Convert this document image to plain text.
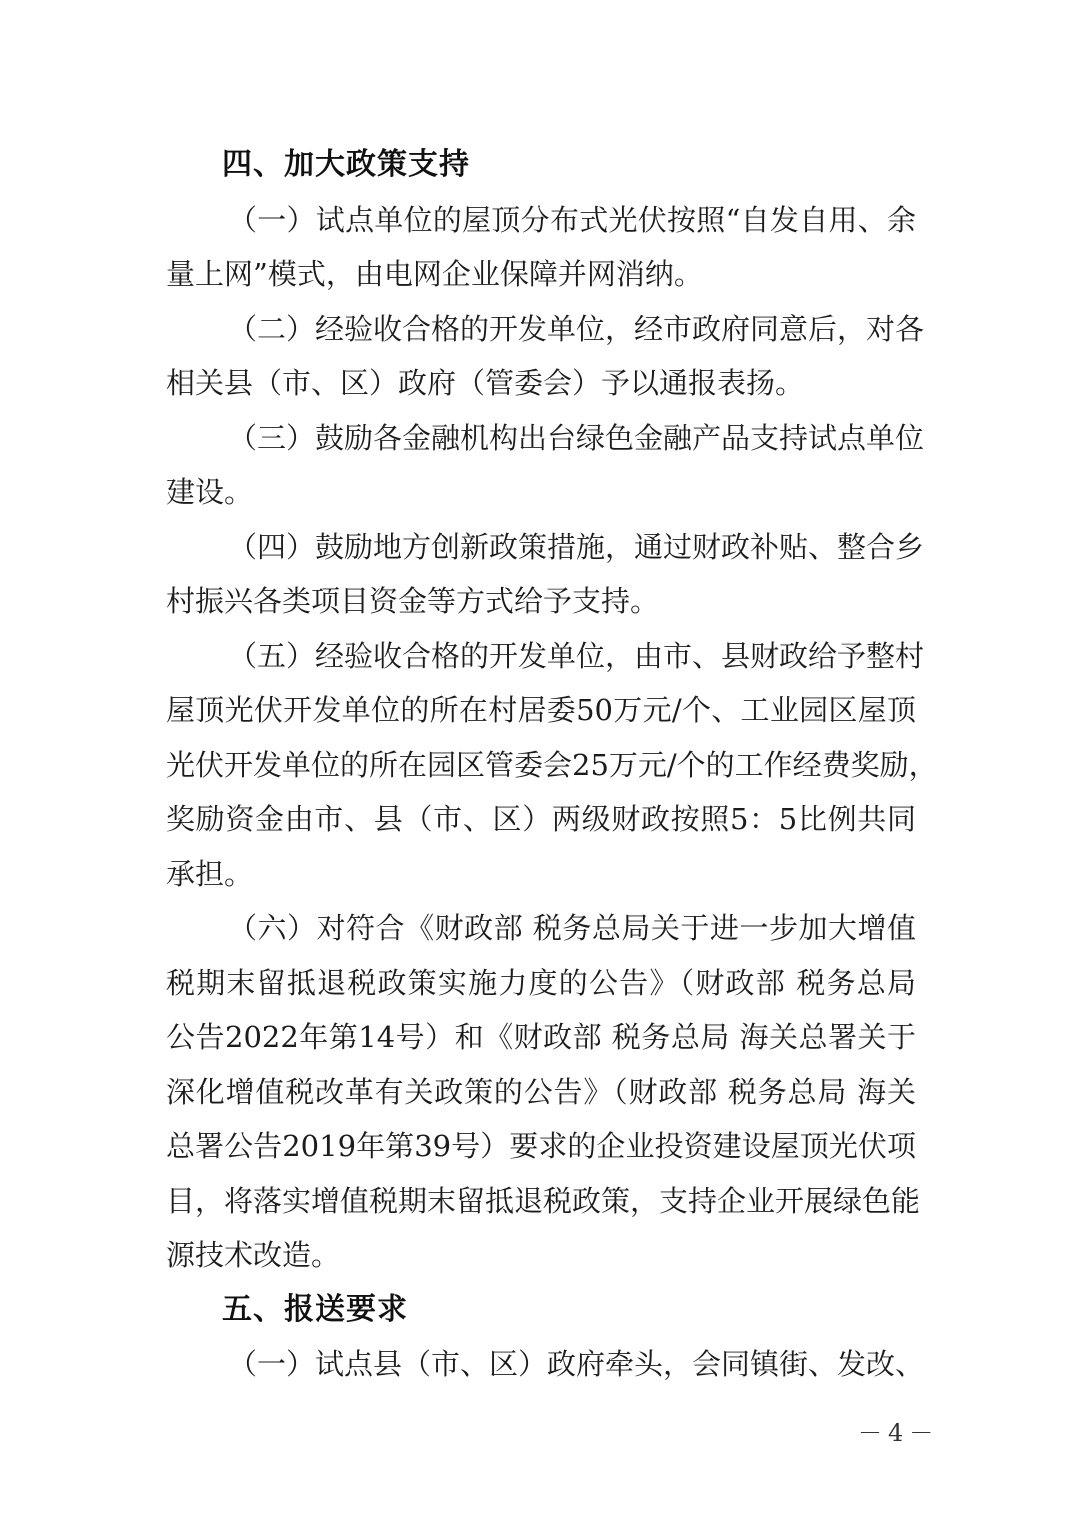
四、加大政策支持
（一）试点单位的屋顶分布式光伏按照“自发自用、余
量上网”模式，由电网企业保障并网消纳。
（二）经验收合格的开发单位，经市政府同意后，对各
相关县（市、区）政府（管委会）予以通报表扬。
（三）鼓励各金融机构出台绿色金融产品支持试点单位
建设。
（四）鼓励地方创新政策措施，通过财政补贴、整合乡
村振兴各类项目资金等方式给予支持。
（五）经验收合格的开发单位，由市、县财政给予整村
屋顶光伏开发单位的所在村居委50万元/个、工业园区屋顶
光伏开发单位的所在园区管委会25万元/个的工作经费奖励，
奖励资金由市、县（市、区）两级财政按照5：5比例共同
承担。
（六）对符合《财政部 税务总局关于进一步加大增值
税期末留抵退税政策实施力度的公告》（财政部 税务总局
公告2022年第14号）和《财政部 税务总局 海关总署关于
深化增值税改革有关政策的公告》（财政部 税务总局 海关
总署公告2019年第39号）要求的企业投资建设屋顶光伏项
目，将落实增值税期末留抵退税政策，支持企业开展绿色能
源技术改造。
五、报送要求
（一）试点县（市、区）政府牵头，会同镇街、发改、
－4－
